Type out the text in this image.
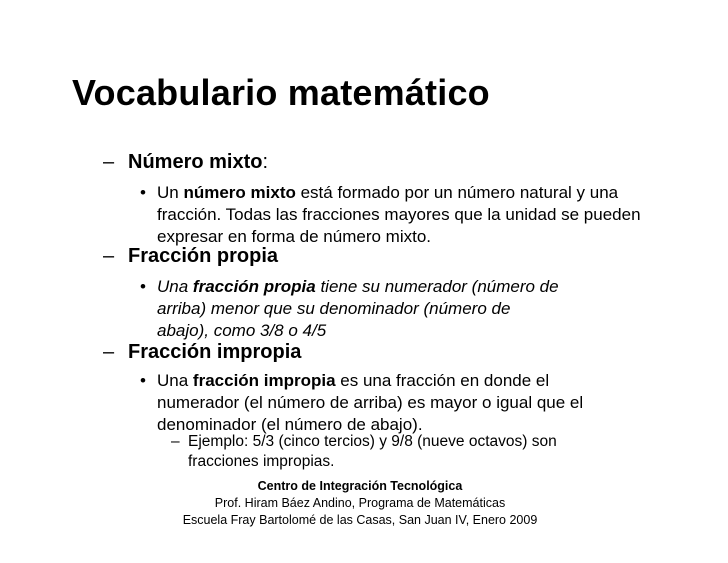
Vocabulario matemático
– Número mixto:
• Un número mixto está formado por un número natural y una fracción. Todas las fracciones mayores que la unidad se pueden expresar en forma de número mixto.
– Fracción propia
• Una fracción propia tiene su numerador (número de arriba) menor que su denominador (número de abajo), como 3/8 o 4/5
– Fracción impropia
• Una fracción impropia es una fracción en donde el numerador (el número de arriba) es mayor o igual que el denominador (el número de abajo).
– Ejemplo: 5/3 (cinco tercios) y 9/8 (nueve octavos) son fracciones impropias.
Centro de Integración Tecnológica
Prof. Hiram Báez Andino, Programa de Matemáticas
Escuela Fray Bartolomé de las Casas, San Juan IV, Enero 2009
